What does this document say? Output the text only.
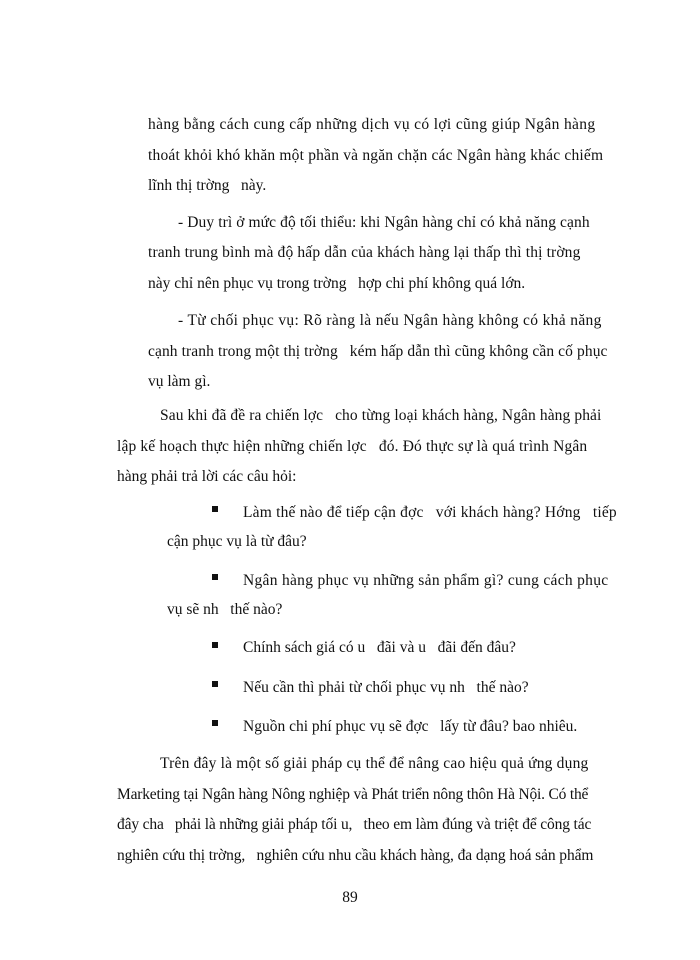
hàng bằng cách cung cấp những dịch vụ có lợi cũng giúp Ngân hàng
thoát khỏi khó khăn một phần và ngăn chặn các Ngân hàng khác chiếm
lĩnh thị trờng   này.
- Duy trì ở mức độ tối thiểu: khi Ngân hàng chỉ có khả năng cạnh
tranh trung bình mà độ hấp dẫn của khách hàng lại thấp thì thị trờng
này chỉ nên phục vụ trong trờng   hợp chi phí không quá lớn.
- Từ chối phục vụ: Rõ ràng là nếu Ngân hàng không có khả năng
cạnh tranh trong một thị trờng   kém hấp dẫn thì cũng không cần cố phục
vụ làm gì.
Sau khi đã đề ra chiến lợc   cho từng loại khách hàng, Ngân hàng phải
lập kế hoạch thực hiện những chiến lợc   đó. Đó thực sự là quá trình Ngân
hàng phải trả lời các câu hỏi:
Làm thế nào để tiếp cận đợc   với khách hàng? Hớng   tiếp
cận phục vụ là từ đâu?
Ngân hàng phục vụ những sản phẩm gì? cung cách phục
vụ sẽ nh   thế nào?
Chính sách giá có u   đãi và u   đãi đến đâu?
Nếu cần thì phải từ chối phục vụ nh   thế nào?
Nguồn chi phí phục vụ sẽ đợc   lấy từ đâu? bao nhiêu.
Trên đây là một số giải pháp cụ thể để nâng cao hiệu quả ứng dụng
Marketing tại Ngân hàng Nông nghiệp và Phát triển nông thôn Hà Nội. Có thể
đây cha   phải là những giải pháp tối u,   theo em làm đúng và triệt để công tác
nghiên cứu thị trờng,   nghiên cứu nhu cầu khách hàng, đa dạng hoá sản phẩm
89
